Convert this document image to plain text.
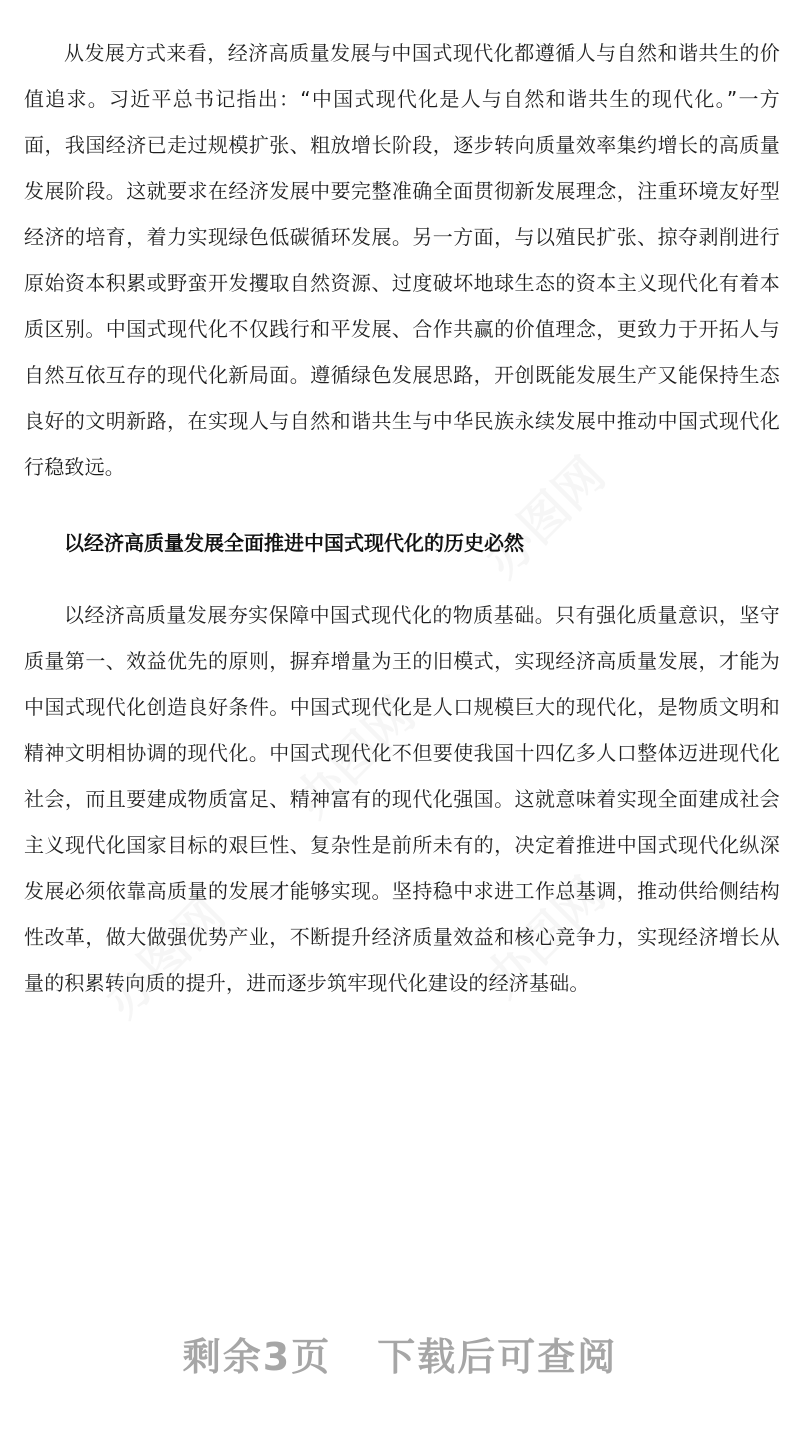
从发展方式来看，经济高质量发展与中国式现代化都遵循人与自然和谐共生的价值追求。习近平总书记指出：“中国式现代化是人与自然和谐共生的现代化。”一方面，我国经济已走过规模扩张、粗放增长阶段，逐步转向质量效率集约增长的高质量发展阶段。这就要求在经济发展中要完整准确全面贯彻新发展理念，注重环境友好型经济的培育，着力实现绿色低碳循环发展。另一方面，与以殖民扩张、掠夺剥削进行原始资本积累或野蛮开发攫取自然资源、过度破坏地球生态的资本主义现代化有着本质区别。中国式现代化不仅践行和平发展、合作共赢的价值理念，更致力于开拓人与自然互依互存的现代化新局面。遵循绿色发展思路，开创既能发展生产又能保持生态良好的文明新路，在实现人与自然和谐共生与中华民族永续发展中推动中国式现代化行稳致远。

以经济高质量发展全面推进中国式现代化的历史必然

以经济高质量发展夯实保障中国式现代化的物质基础。只有强化质量意识，坚守质量第一、效益优先的原则，摒弃增量为王的旧模式，实现经济高质量发展，才能为中国式现代化创造良好条件。中国式现代化是人口规模巨大的现代化，是物质文明和精神文明相协调的现代化。中国式现代化不但要使我国十四亿多人口整体迈进现代化社会，而且要建成物质富足、精神富有的现代化强国。这就意味着实现全面建成社会主义现代化国家目标的艰巨性、复杂性是前所未有的，决定着推进中国式现代化纵深发展必须依靠高质量的发展才能够实现。坚持稳中求进工作总基调，推动供给侧结构性改革，做大做强优势产业，不断提升经济质量效益和核心竞争力，实现经济增长从量的积累转向质的提升，进而逐步筑牢现代化建设的经济基础。

剩余3页 下载后可查阅
